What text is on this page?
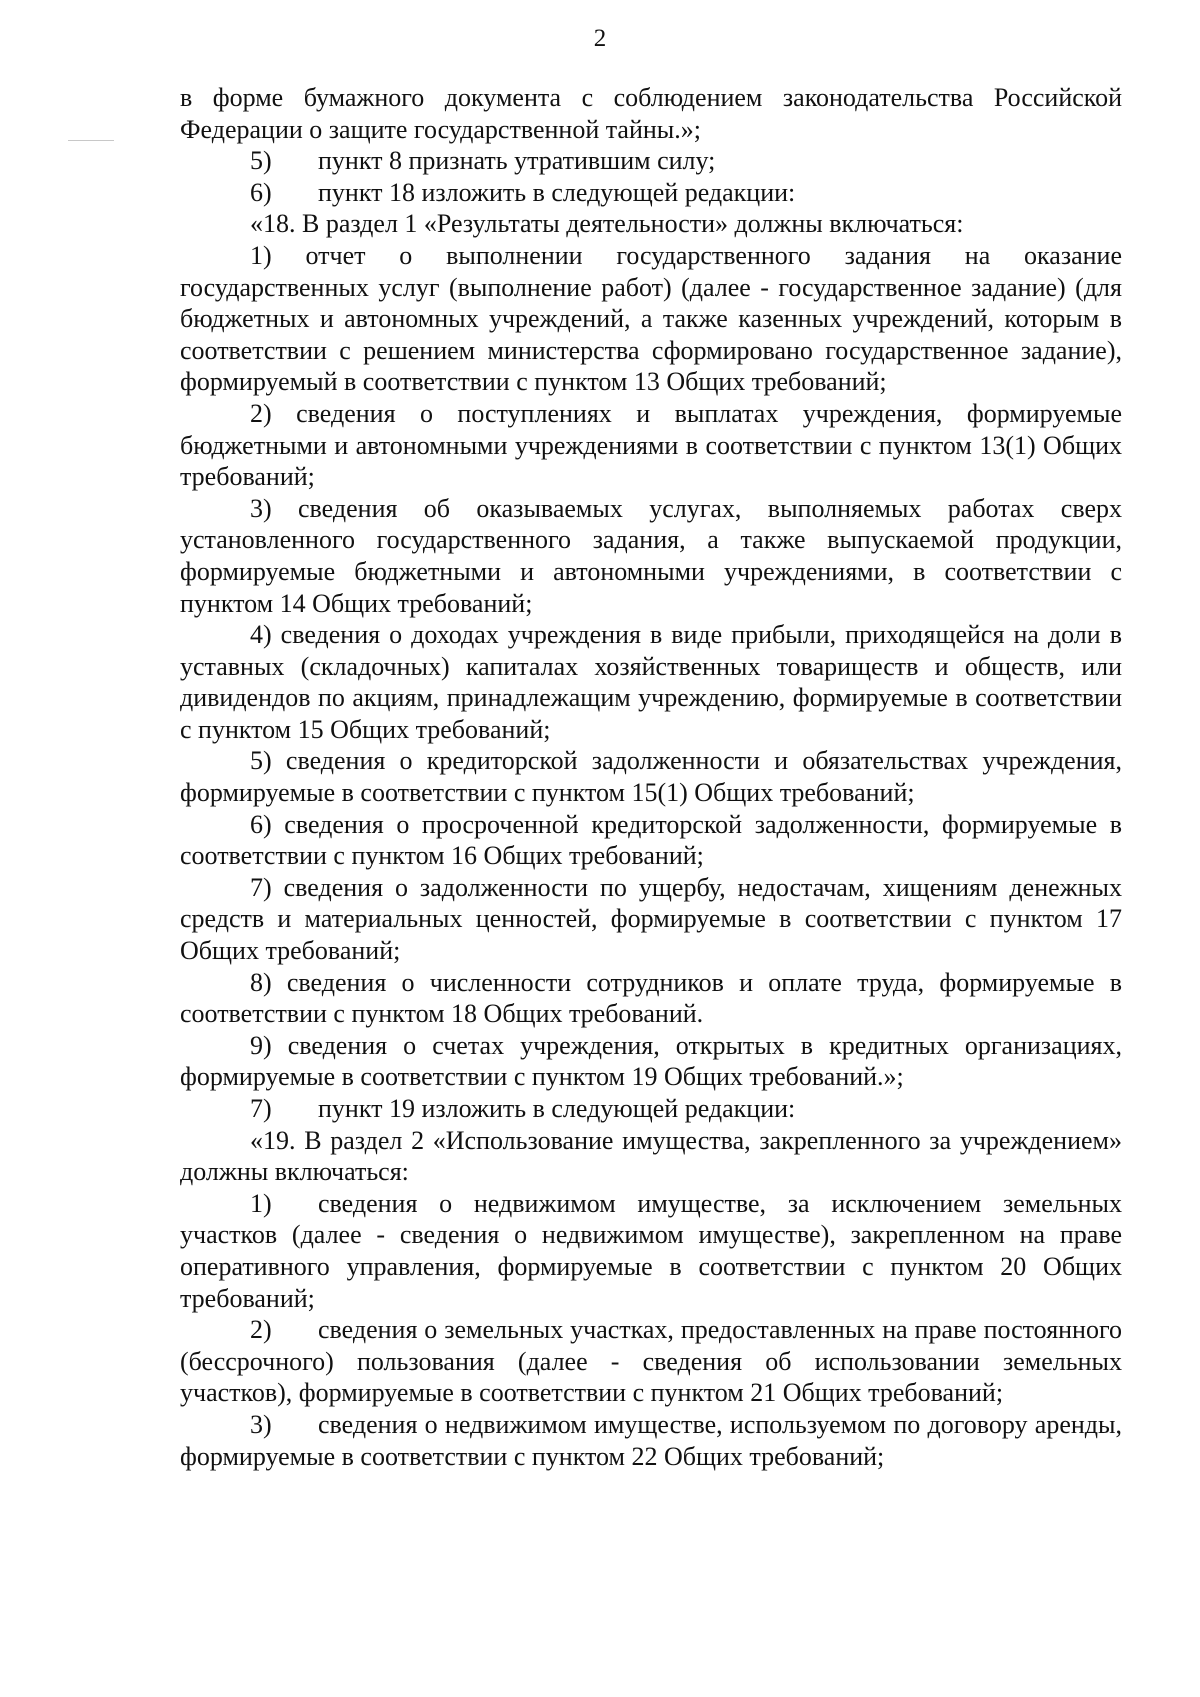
2

в форме бумажного документа с соблюдением законодательства Российской Федерации о защите государственной тайны.»;

5) пункт 8 признать утратившим силу;

6) пункт 18 изложить в следующей редакции:

«18. В раздел 1 «Результаты деятельности» должны включаться:

1) отчет о выполнении государственного задания на оказание государственных услуг (выполнение работ) (далее - государственное задание) (для бюджетных и автономных учреждений, а также казенных учреждений, которым в соответствии с решением министерства сформировано государственное задание), формируемый в соответствии с пунктом 13 Общих требований;

2) сведения о поступлениях и выплатах учреждения, формируемые бюджетными и автономными учреждениями в соответствии с пунктом 13(1) Общих требований;

3) сведения об оказываемых услугах, выполняемых работах сверх установленного государственного задания, а также выпускаемой продукции, формируемые бюджетными и автономными учреждениями, в соответствии с пунктом 14 Общих требований;

4) сведения о доходах учреждения в виде прибыли, приходящейся на доли в уставных (складочных) капиталах хозяйственных товариществ и обществ, или дивидендов по акциям, принадлежащим учреждению, формируемые в соответствии с пунктом 15 Общих требований;

5) сведения о кредиторской задолженности и обязательствах учреждения, формируемые в соответствии с пунктом 15(1) Общих требований;

6) сведения о просроченной кредиторской задолженности, формируемые в соответствии с пунктом 16 Общих требований;

7) сведения о задолженности по ущербу, недостачам, хищениям денежных средств и материальных ценностей, формируемые в соответствии с пунктом 17 Общих требований;

8) сведения о численности сотрудников и оплате труда, формируемые в соответствии с пунктом 18 Общих требований.

9) сведения о счетах учреждения, открытых в кредитных организациях, формируемые в соответствии с пунктом 19 Общих требований.»;

7) пункт 19 изложить в следующей редакции:

«19. В раздел 2 «Использование имущества, закрепленного за учреждением» должны включаться:

1) сведения о недвижимом имуществе, за исключением земельных участков (далее - сведения о недвижимом имуществе), закрепленном на праве оперативного управления, формируемые в соответствии с пунктом 20 Общих требований;

2) сведения о земельных участках, предоставленных на праве постоянного (бессрочного) пользования (далее - сведения об использовании земельных участков), формируемые в соответствии с пунктом 21 Общих требований;

3) сведения о недвижимом имуществе, используемом по договору аренды, формируемые в соответствии с пунктом 22 Общих требований;
